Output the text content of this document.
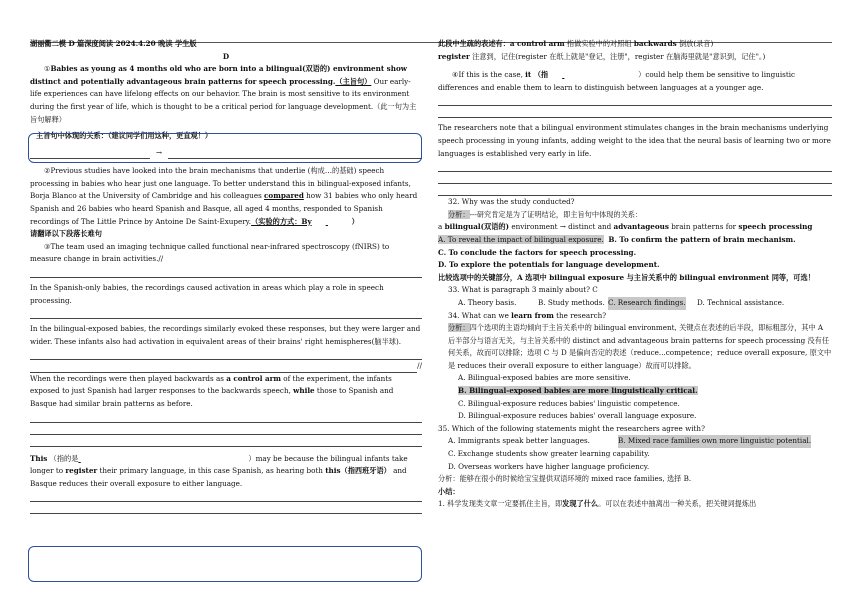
湖丽衢二模 D 篇深度阅读 2024.4.20 晚读 学生版

D

①Babies as young as 4 months old who are born into a bilingual(双语的) environment show distinct and potentially advantageous brain patterns for speech processing.（主旨句） Our early-life experiences can have lifelong effects on our behavior. The brain is most sensitive to its environment during the first year of life, which is thought to be a critical period for language development.（此一句为主旨句解释）

主旨句中体现的关系：（建议同学们用这种，更直观！）
→

②Previous studies have looked into the brain mechanisms that underlie (构成…的基础) speech processing in babies who hear just one language. To better understand this in bilingual-exposed infants, Borja Blanco at the University of Cambridge and his colleagues compared how 31 babies who only heard Spanish and 26 babies who heard Spanish and Basque, all aged 4 months, responded to Spanish recordings of The Little Prince by Antoine De Saint-Exupery.（实验的方式：By	）

请翻译以下段落长难句

③The team used an imaging technique called functional near-infrared spectroscopy (fNIRS) to measure change in brain activities.//

In the Spanish-only babies, the recordings caused activation in areas which play a role in speech processing.

In the bilingual-exposed babies, the recordings similarly evoked these responses, but they were larger and wider. These infants also had activation in equivalent areas of their brains' right hemispheres(脑半球).

//

When the recordings were then played backwards as a control arm of the experiment, the infants exposed to just Spanish had larger responses to the backwards speech, while those to Spanish and Basque had similar brain patterns as before.

This （指的是	）may be because the bilingual infants take longer to register their primary language, in this case Spanish, as hearing both this（指西班牙语） and Basque reduces their overall exposure to either language.

此段中生疏的表述有：a control arm 指做实验中的对照组 backwards 倒放(录音)

register 注意到，记住(register 在纸上就是"登记，注册"，register 在脑海里就是"意识到，记住"。)

④If this is the case, it （指	）could help them be sensitive to linguistic differences and enable them to learn to distinguish between languages at a younger age.

The researchers note that a bilingual environment stimulates changes in the brain mechanisms underlying speech processing in young infants, adding weight to the idea that the neural basis of learning two or more languages is established very early in life.

32. Why was the study conducted?

分析：---研究肯定是为了证明结论，即主旨句中体现的关系：

a bilingual(双语的) environment → distinct and advantageous brain patterns for speech processing

A. To reveal the impact of bilingual exposure. B. To confirm the pattern of brain mechanism.

C. To conclude the factors for speech processing.

D. To explore the potentials for language development.

比较选项中的关键部分，A 选项中 bilingual exposure 与主旨关系中的 bilingual environment 同等，可选！

33. What is paragraph 3 mainly about? C

A. Theory basis.	B. Study methods. C. Research findings. D. Technical assistance.

34. What can we learn from the research?

分析：四个选项的主语均倾向于主旨关系中的 bilingual environment, 关键点在表述的后半段，即标粗部分，其中 A 后半部分与语言无关，与主旨关系中的 distinct and advantageous brain patterns for speech processing 没有任何关系，故而可以排除；选项 C 与 D 是偏向否定的表述（reduce...competence；reduce overall exposure, 原文中是 reduces their overall exposure to either language）故而可以排除。

A. Bilingual-exposed babies are more sensitive.

B. Bilingual-exposed babies are more linguistically critical.

C. Bilingual-exposure reduces babies' linguistic competence.

D. Bilingual-exposure reduces babies' overall language exposure.

35. Which of the following statements might the researchers agree with?

A. Immigrants speak better languages.	B. Mixed race families own more linguistic potential.

C. Exchange students show greater learning capability.

D. Overseas workers have higher language proficiency.

分析：能够在很小的时候给宝宝提供双语环境的 mixed race families, 选择 B.

小结：

1. 科学发现类文章一定要抓住主旨，即发现了什么。可以在表述中抽离出一种关系，把关键词提炼出
